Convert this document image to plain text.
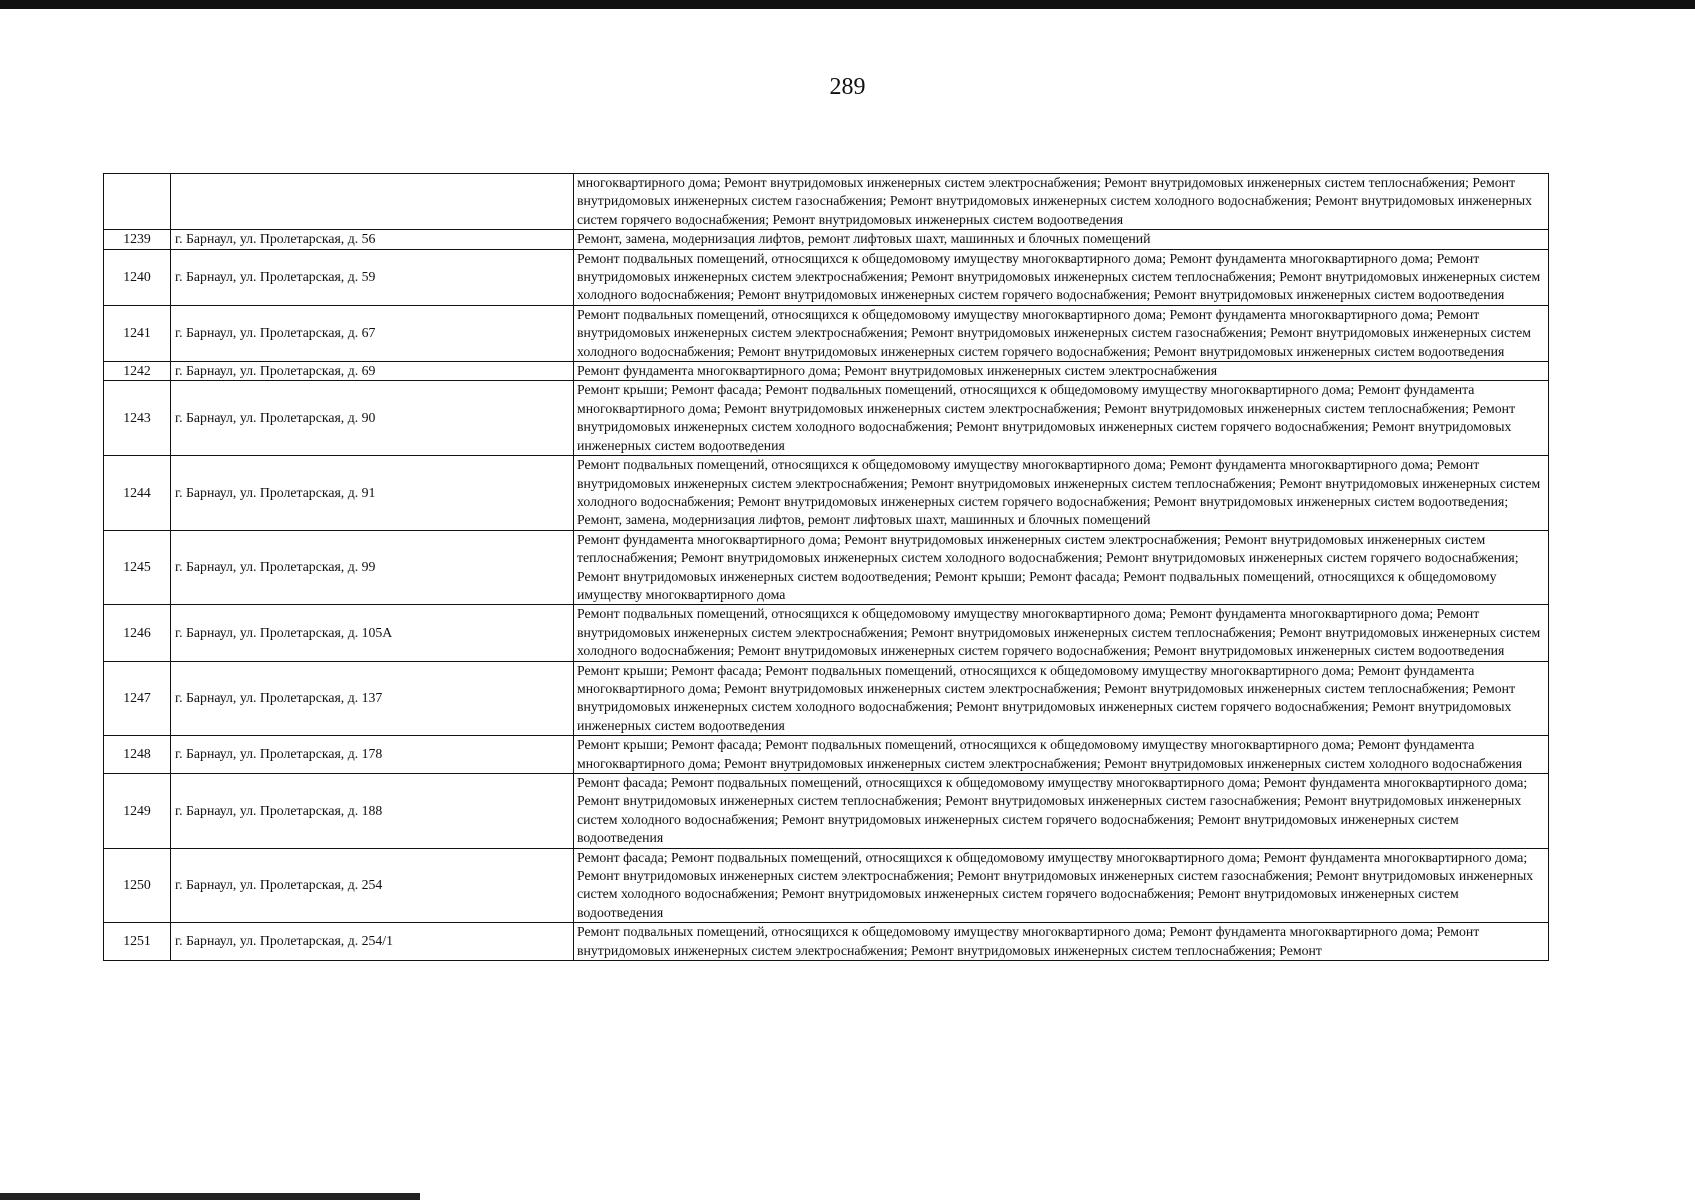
289
		многоквартирного дома; Ремонт внутридомовых инженерных систем электроснабжения; Ремонт внутридомовых инженерных систем теплоснабжения; Ремонт внутридомовых инженерных систем газоснабжения; Ремонт внутридомовых инженерных систем холодного водоснабжения; Ремонт внутридомовых инженерных систем горячего водоснабжения; Ремонт внутридомовых инженерных систем водоотведения
1239	г. Барнаул, ул. Пролетарская, д. 56	Ремонт, замена, модернизация лифтов, ремонт лифтовых шахт, машинных и блочных помещений
1240	г. Барнаул, ул. Пролетарская, д. 59	Ремонт подвальных помещений, относящихся к общедомовому имуществу многоквартирного дома; Ремонт фундамента многоквартирного дома; Ремонт внутридомовых инженерных систем электроснабжения; Ремонт внутридомовых инженерных систем теплоснабжения; Ремонт внутридомовых инженерных систем холодного водоснабжения; Ремонт внутридомовых инженерных систем горячего водоснабжения; Ремонт внутридомовых инженерных систем водоотведения
1241	г. Барнаул, ул. Пролетарская, д. 67	Ремонт подвальных помещений, относящихся к общедомовому имуществу многоквартирного дома; Ремонт фундамента многоквартирного дома; Ремонт внутридомовых инженерных систем электроснабжения; Ремонт внутридомовых инженерных систем газоснабжения; Ремонт внутридомовых инженерных систем холодного водоснабжения; Ремонт внутридомовых инженерных систем горячего водоснабжения; Ремонт внутридомовых инженерных систем водоотведения
1242	г. Барнаул, ул. Пролетарская, д. 69	Ремонт фундамента многоквартирного дома; Ремонт внутридомовых инженерных систем электроснабжения
1243	г. Барнаул, ул. Пролетарская, д. 90	Ремонт крыши; Ремонт фасада; Ремонт подвальных помещений, относящихся к общедомовому имуществу многоквартирного дома; Ремонт фундамента многоквартирного дома; Ремонт внутридомовых инженерных систем электроснабжения; Ремонт внутридомовых инженерных систем теплоснабжения; Ремонт внутридомовых инженерных систем холодного водоснабжения; Ремонт внутридомовых инженерных систем горячего водоснабжения; Ремонт внутридомовых инженерных систем водоотведения
1244	г. Барнаул, ул. Пролетарская, д. 91	Ремонт подвальных помещений, относящихся к общедомовому имуществу многоквартирного дома; Ремонт фундамента многоквартирного дома; Ремонт внутридомовых инженерных систем электроснабжения; Ремонт внутридомовых инженерных систем теплоснабжения; Ремонт внутридомовых инженерных систем холодного водоснабжения; Ремонт внутридомовых инженерных систем горячего водоснабжения; Ремонт внутридомовых инженерных систем водоотведения; Ремонт, замена, модернизация лифтов, ремонт лифтовых шахт, машинных и блочных помещений
1245	г. Барнаул, ул. Пролетарская, д. 99	Ремонт фундамента многоквартирного дома; Ремонт внутридомовых инженерных систем электроснабжения; Ремонт внутридомовых инженерных систем теплоснабжения; Ремонт внутридомовых инженерных систем холодного водоснабжения; Ремонт внутридомовых инженерных систем горячего водоснабжения; Ремонт внутридомовых инженерных систем водоотведения; Ремонт крыши; Ремонт фасада; Ремонт подвальных помещений, относящихся к общедомовому имуществу многоквартирного дома
1246	г. Барнаул, ул. Пролетарская, д. 105А	Ремонт подвальных помещений, относящихся к общедомовому имуществу многоквартирного дома; Ремонт фундамента многоквартирного дома; Ремонт внутридомовых инженерных систем электроснабжения; Ремонт внутридомовых инженерных систем теплоснабжения; Ремонт внутридомовых инженерных систем холодного водоснабжения; Ремонт внутридомовых инженерных систем горячего водоснабжения; Ремонт внутридомовых инженерных систем водоотведения
1247	г. Барнаул, ул. Пролетарская, д. 137	Ремонт крыши; Ремонт фасада; Ремонт подвальных помещений, относящихся к общедомовому имуществу многоквартирного дома; Ремонт фундамента многоквартирного дома; Ремонт внутридомовых инженерных систем электроснабжения; Ремонт внутридомовых инженерных систем теплоснабжения; Ремонт внутридомовых инженерных систем холодного водоснабжения; Ремонт внутридомовых инженерных систем горячего водоснабжения; Ремонт внутридомовых инженерных систем водоотведения
1248	г. Барнаул, ул. Пролетарская, д. 178	Ремонт крыши; Ремонт фасада; Ремонт подвальных помещений, относящихся к общедомовому имуществу многоквартирного дома; Ремонт фундамента многоквартирного дома; Ремонт внутридомовых инженерных систем электроснабжения; Ремонт внутридомовых инженерных систем холодного водоснабжения
1249	г. Барнаул, ул. Пролетарская, д. 188	Ремонт фасада; Ремонт подвальных помещений, относящихся к общедомовому имуществу многоквартирного дома; Ремонт фундамента многоквартирного дома; Ремонт внутридомовых инженерных систем теплоснабжения; Ремонт внутридомовых инженерных систем газоснабжения; Ремонт внутридомовых инженерных систем холодного водоснабжения; Ремонт внутридомовых инженерных систем горячего водоснабжения; Ремонт внутридомовых инженерных систем водоотведения
1250	г. Барнаул, ул. Пролетарская, д. 254	Ремонт фасада; Ремонт подвальных помещений, относящихся к общедомовому имуществу многоквартирного дома; Ремонт фундамента многоквартирного дома; Ремонт внутридомовых инженерных систем электроснабжения; Ремонт внутридомовых инженерных систем газоснабжения; Ремонт внутридомовых инженерных систем холодного водоснабжения; Ремонт внутридомовых инженерных систем горячего водоснабжения; Ремонт внутридомовых инженерных систем водоотведения
1251	г. Барнаул, ул. Пролетарская, д. 254/1	Ремонт подвальных помещений, относящихся к общедомовому имуществу многоквартирного дома; Ремонт фундамента многоквартирного дома; Ремонт внутридомовых инженерных систем электроснабжения; Ремонт внутридомовых инженерных систем теплоснабжения; Ремонт
